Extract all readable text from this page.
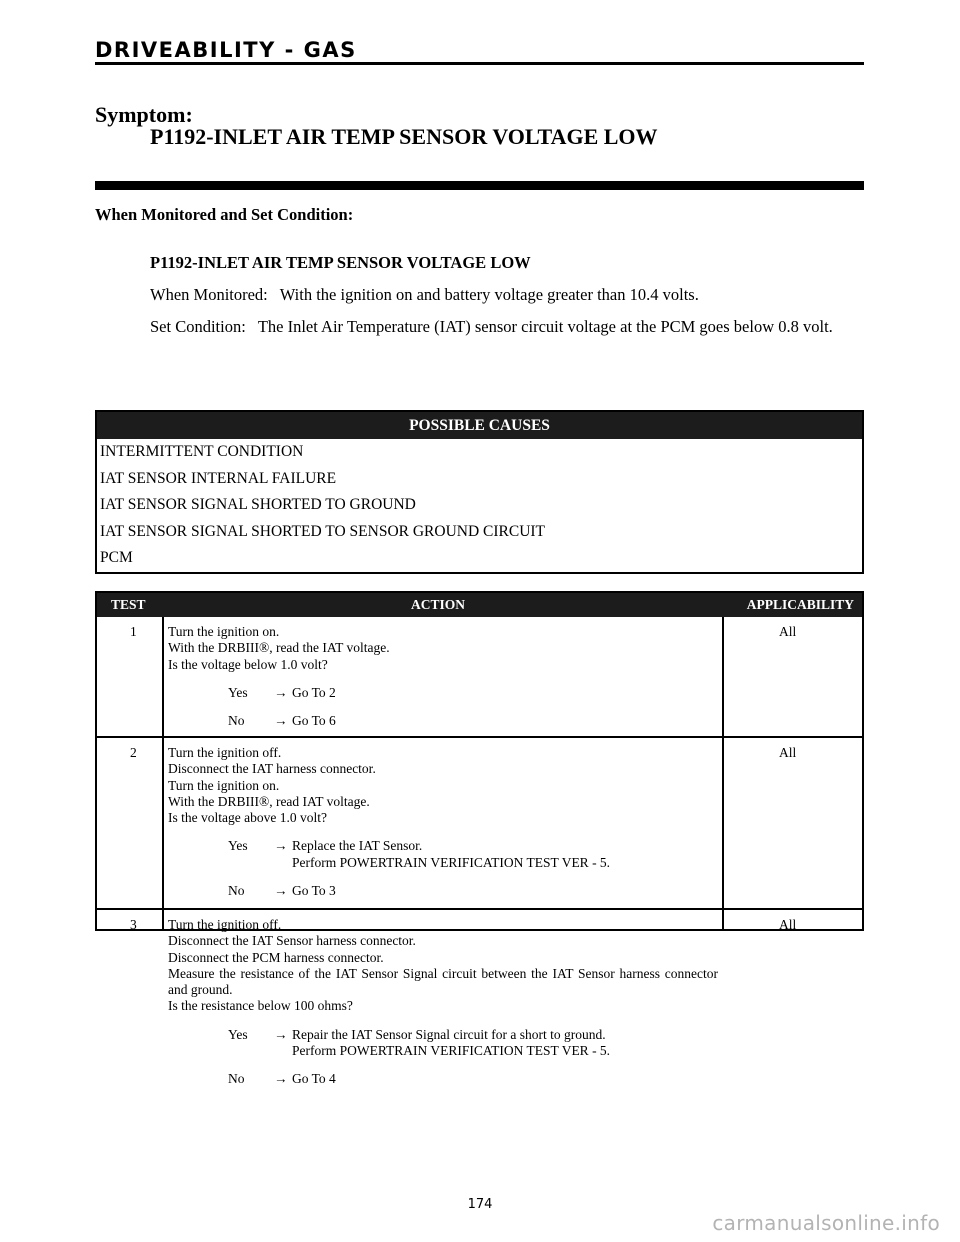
DRIVEABILITY - GAS
Symptom:
P1192-INLET AIR TEMP SENSOR VOLTAGE LOW
When Monitored and Set Condition:
P1192-INLET AIR TEMP SENSOR VOLTAGE LOW
When Monitored: With the ignition on and battery voltage greater than 10.4 volts.
Set Condition: The Inlet Air Temperature (IAT) sensor circuit voltage at the PCM goes below 0.8 volt.
POSSIBLE CAUSES
INTERMITTENT CONDITION
IAT SENSOR INTERNAL FAILURE
IAT SENSOR SIGNAL SHORTED TO GROUND
IAT SENSOR SIGNAL SHORTED TO SENSOR GROUND CIRCUIT
PCM
TEST	ACTION	APPLICABILITY
1 Turn the ignition on.
With the DRBIII®, read the IAT voltage.
Is the voltage below 1.0 volt?
Yes → Go To 2
No → Go To 6
All
2 Turn the ignition off.
Disconnect the IAT harness connector.
Turn the ignition on.
With the DRBIII®, read IAT voltage.
Is the voltage above 1.0 volt?
Yes → Replace the IAT Sensor.
Perform POWERTRAIN VERIFICATION TEST VER - 5.
No → Go To 3
All
3 Turn the ignition off.
Disconnect the IAT Sensor harness connector.
Disconnect the PCM harness connector.
Measure the resistance of the IAT Sensor Signal circuit between the IAT Sensor harness connector and ground.
Is the resistance below 100 ohms?
Yes → Repair the IAT Sensor Signal circuit for a short to ground.
Perform POWERTRAIN VERIFICATION TEST VER - 5.
No → Go To 4
All
174
carmanualsonline.info
